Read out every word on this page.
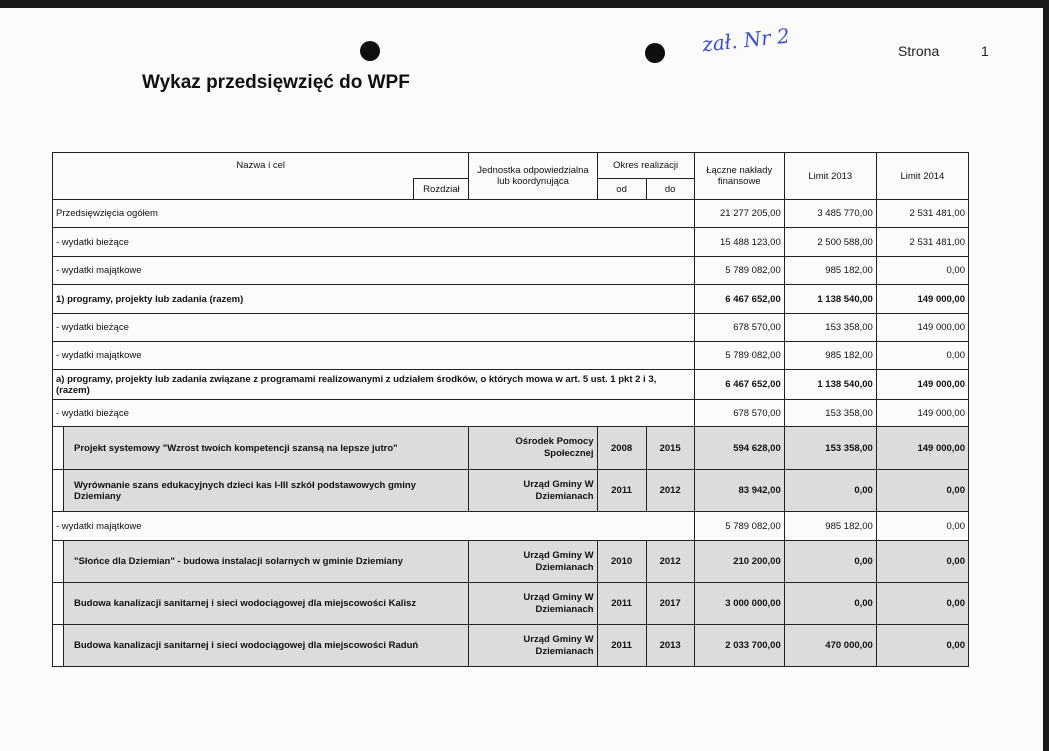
zał. Nr 2	Strona	1
Wykaz przedsięwzięć do WPF
Nazwa i cel			Jednostka odpowiedzialna lub koordynująca	Okres realizacji		Łączne nakłady finansowe	Limit 2013	Limit 2014
		Rozdział		od	do			
Przedsięwzięcia ogółem						21 277 205,00	3 485 770,00	2 531 481,00
- wydatki bieżące						15 488 123,00	2 500 588,00	2 531 481,00
- wydatki majątkowe						5 789 082,00	985 182,00	0,00
1) programy, projekty lub zadania (razem)						6 467 652,00	1 138 540,00	149 000,00
- wydatki bieżące						678 570,00	153 358,00	149 000,00
- wydatki majątkowe						5 789 082,00	985 182,00	0,00
a) programy, projekty lub zadania związane z programami realizowanymi z udziałem środków, o których mowa w art. 5 ust. 1 pkt 2 i 3, (razem)						6 467 652,00	1 138 540,00	149 000,00
- wydatki bieżące						678 570,00	153 358,00	149 000,00
	Projekt systemowy "Wzrost twoich kompetencji szansą na lepsze jutro"		Ośrodek Pomocy Społecznej	2008	2015	594 628,00	153 358,00	149 000,00
	Wyrównanie szans edukacyjnych dzieci kas I-III szkół podstawowych gminy Dziemiany		Urząd Gminy W Dziemianach	2011	2012	83 942,00	0,00	0,00
- wydatki majątkowe						5 789 082,00	985 182,00	0,00
	"Słońce dla Dziemian" - budowa instalacji solarnych w gminie Dziemiany		Urząd Gminy W Dziemianach	2010	2012	210 200,00	0,00	0,00
	Budowa kanalizacji sanitarnej i sieci wodociągowej dla miejscowości Kalisz		Urząd Gminy W Dziemianach	2011	2017	3 000 000,00	0,00	0,00
	Budowa kanalizacji sanitarnej i sieci wodociągowej dla miejscowości Raduń		Urząd Gminy W Dziemianach	2011	2013	2 033 700,00	470 000,00	0,00
